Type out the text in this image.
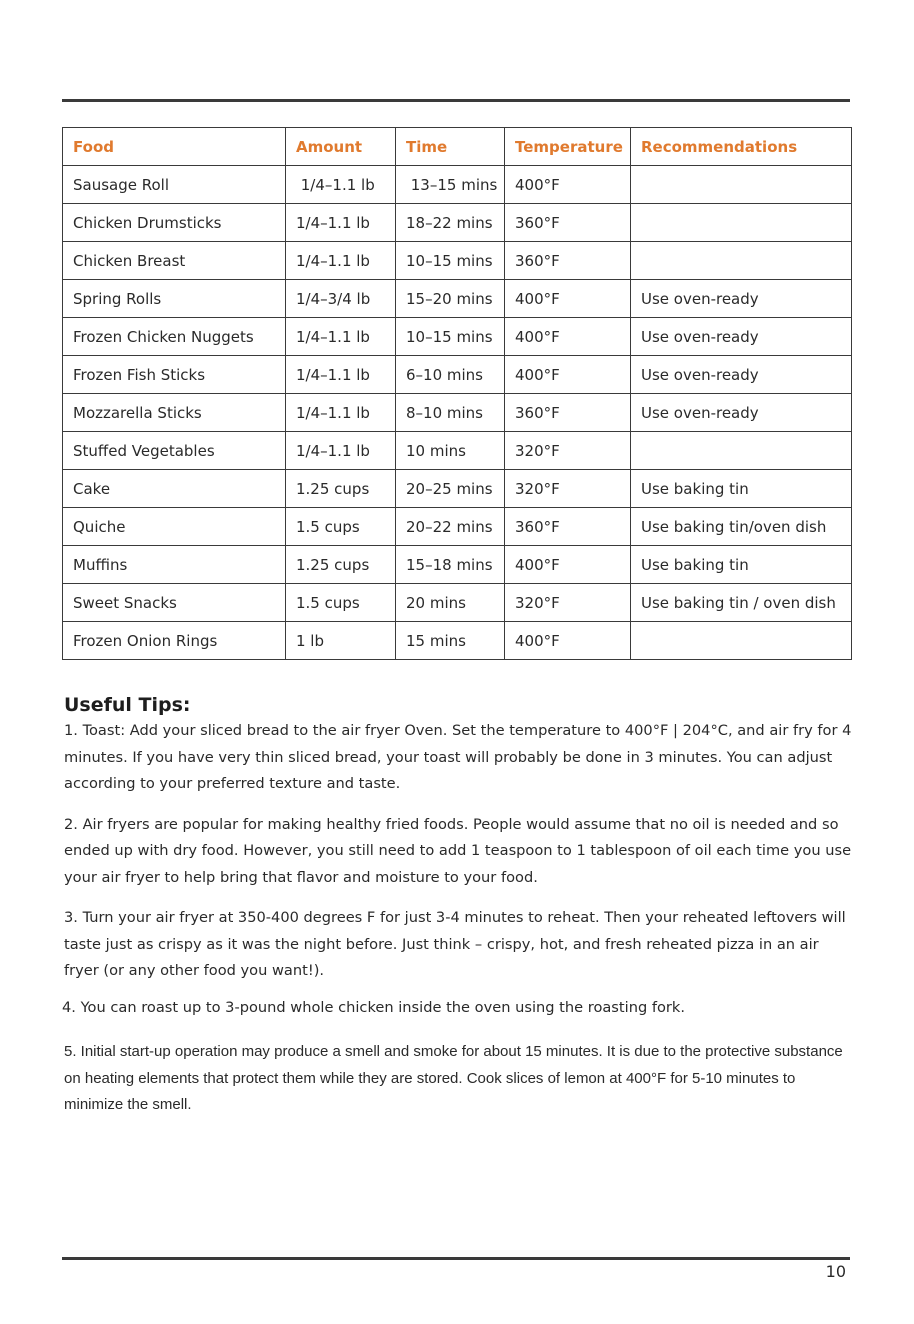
Food	Amount	Time	Temperature	Recommendations
Sausage Roll	1/4–1.1 lb	13–15 mins	400°F	
Chicken Drumsticks	1/4–1.1 lb	18–22 mins	360°F	
Chicken Breast	1/4–1.1 lb	10–15 mins	360°F	
Spring Rolls	1/4–3/4 lb	15–20 mins	400°F	Use oven-ready
Frozen Chicken Nuggets	1/4–1.1 lb	10–15 mins	400°F	Use oven-ready
Frozen Fish Sticks	1/4–1.1 lb	6–10 mins	400°F	Use oven-ready
Mozzarella Sticks	1/4–1.1 lb	8–10 mins	360°F	Use oven-ready
Stuffed Vegetables	1/4–1.1 lb	10 mins	320°F	
Cake	1.25 cups	20–25 mins	320°F	Use baking tin
Quiche	1.5 cups	20–22 mins	360°F	Use baking tin/oven dish
Muffins	1.25 cups	15–18 mins	400°F	Use baking tin
Sweet Snacks	1.5 cups	20 mins	320°F	Use baking tin / oven dish
Frozen Onion Rings	1 lb	15 mins	400°F	
Useful Tips:

1. Toast: Add your sliced bread to the air fryer Oven. Set the temperature to 400°F | 204°C, and air fry for 4 minutes. If you have very thin sliced bread, your toast will probably be done in 3 minutes. You can adjust according to your preferred texture and taste.

2. Air fryers are popular for making healthy fried foods. People would assume that no oil is needed and so ended up with dry food. However, you still need to add 1 teaspoon to 1 tablespoon of oil each time you use your air fryer to help bring that flavor and moisture to your food.

3. Turn your air fryer at 350-400 degrees F for just 3-4 minutes to reheat. Then your reheated leftovers will taste just as crispy as it was the night before. Just think – crispy, hot, and fresh reheated pizza in an air fryer (or any other food you want!).

4. You can roast up to 3-pound whole chicken inside the oven using the roasting fork.

5. Initial start-up operation may produce a smell and smoke for about 15 minutes. It is due to the protective substance on heating elements that protect them while they are stored. Cook slices of lemon at 400°F for 5-10 minutes to minimize the smell.

10
